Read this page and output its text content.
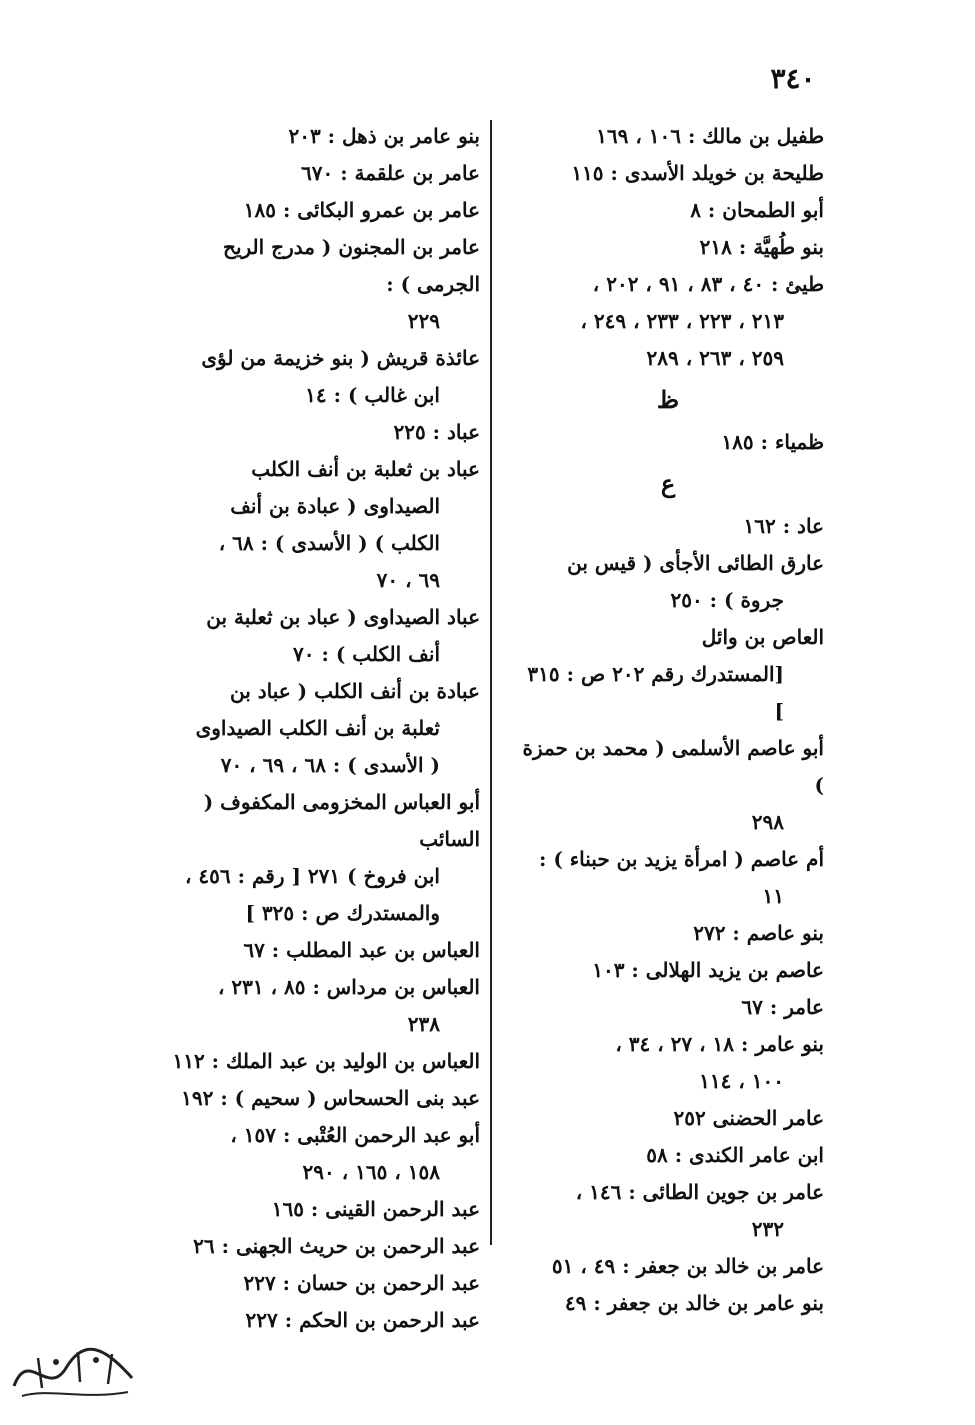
٣٤٠
طفيل بن مالك : ١٠٦ ، ١٦٩
طليحة بن خويلد الأسدى : ١١٥
أبو الطمحان : ٨
بنو طُهيَّة : ٢١٨
طيئ : ٤٠ ، ٨٣ ، ٩١ ، ٢٠٢ ،
٢١٣ ، ٢٢٣ ، ٢٣٣ ، ٢٤٩ ،
٢٥٩ ، ٢٦٣ ، ٢٨٩
ظ
ظمياء : ١٨٥
ع
عاد : ١٦٢
عارق الطائى الأجأى ( قيس بن
جروة ) : ٢٥٠
العاص بن وائل
[المستدرك رقم ٢٠٢ ص : ٣١٥ ]
أبو عاصم الأسلمى ( محمد بن حمزة )
٢٩٨
أم عاصم ( امرأة يزيد بن حبناء ) :
١١
بنو عاصم : ٢٧٢
عاصم بن يزيد الهلالى : ١٠٣
عامر : ٦٧
بنو عامر : ١٨ ، ٢٧ ، ٣٤ ،
١٠٠ ، ١١٤
عامر الحضنى ٢٥٢
ابن عامر الكندى : ٥٨
عامر بن جوين الطائى : ١٤٦ ،
٢٣٢
عامر بن خالد بن جعفر : ٤٩ ، ٥١
بنو عامر بن خالد بن جعفر : ٤٩
بنو عامر بن ذهل : ٢٠٣
عامر بن علقمة : ٦٧٠
عامر بن عمرو البكائى : ١٨٥
عامر بن المجنون ( مدرج الريح الجرمى ) :
٢٢٩
عائذة قريش ( بنو خزيمة من لؤى
ابن غالب ) : ١٤
عباد : ٢٢٥
عباد بن ثعلبة بن أنف الكلب
الصيداوى ( عبادة بن أنف
الكلب ) ( الأسدى ) : ٦٨ ،
٦٩ ، ٧٠
عباد الصيداوى ( عباد بن ثعلبة بن
أنف الكلب ) : ٧٠
عبادة بن أنف الكلب ( عباد بن
ثعلبة بن أنف الكلب الصيداوى
( الأسدى ) : ٦٨ ، ٦٩ ، ٧٠
أبو العباس المخزومى المكفوف ( السائب
ابن فروخ ) ٢٧١ [ رقم : ٤٥٦ ،
والمستدرك ص : ٣٢٥ ]
العباس بن عبد المطلب : ٦٧
العباس بن مرداس : ٨٥ ، ٢٣١ ،
٢٣٨
العباس بن الوليد بن عبد الملك : ١١٢
عبد بنى الحسحاس ( سحيم ) : ١٩٢
أبو عبد الرحمن العُتْبى : ١٥٧ ،
١٥٨ ، ١٦٥ ، ٢٩٠
عبد الرحمن القينى : ١٦٥
عبد الرحمن بن حريث الجهنى : ٢٦
عبد الرحمن بن حسان : ٢٢٧
عبد الرحمن بن الحكم : ٢٢٧
